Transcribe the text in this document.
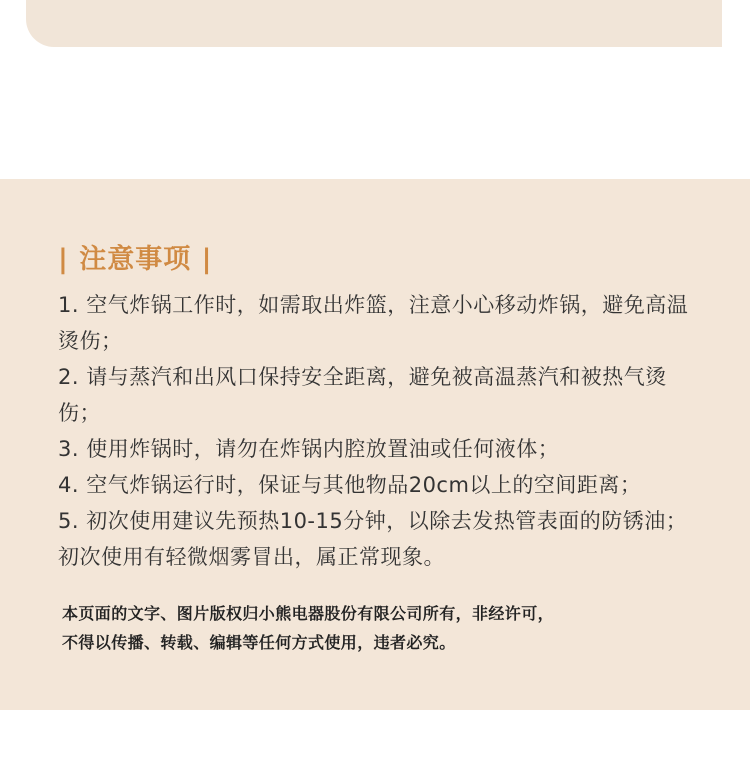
| 注意事项 |
1. 空气炸锅工作时，如需取出炸篮，注意小心移动炸锅，避免高温烫伤；
2. 请与蒸汽和出风口保持安全距离，避免被高温蒸汽和被热气烫伤；
3. 使用炸锅时，请勿在炸锅内腔放置油或任何液体；
4. 空气炸锅运行时，保证与其他物品20cm以上的空间距离；
5. 初次使用建议先预热10-15分钟，以除去发热管表面的防锈油；初次使用有轻微烟雾冒出，属正常现象。
本页面的文字、图片版权归小熊电器股份有限公司所有，非经许可，
不得以传播、转载、编辑等任何方式使用，违者必究。
